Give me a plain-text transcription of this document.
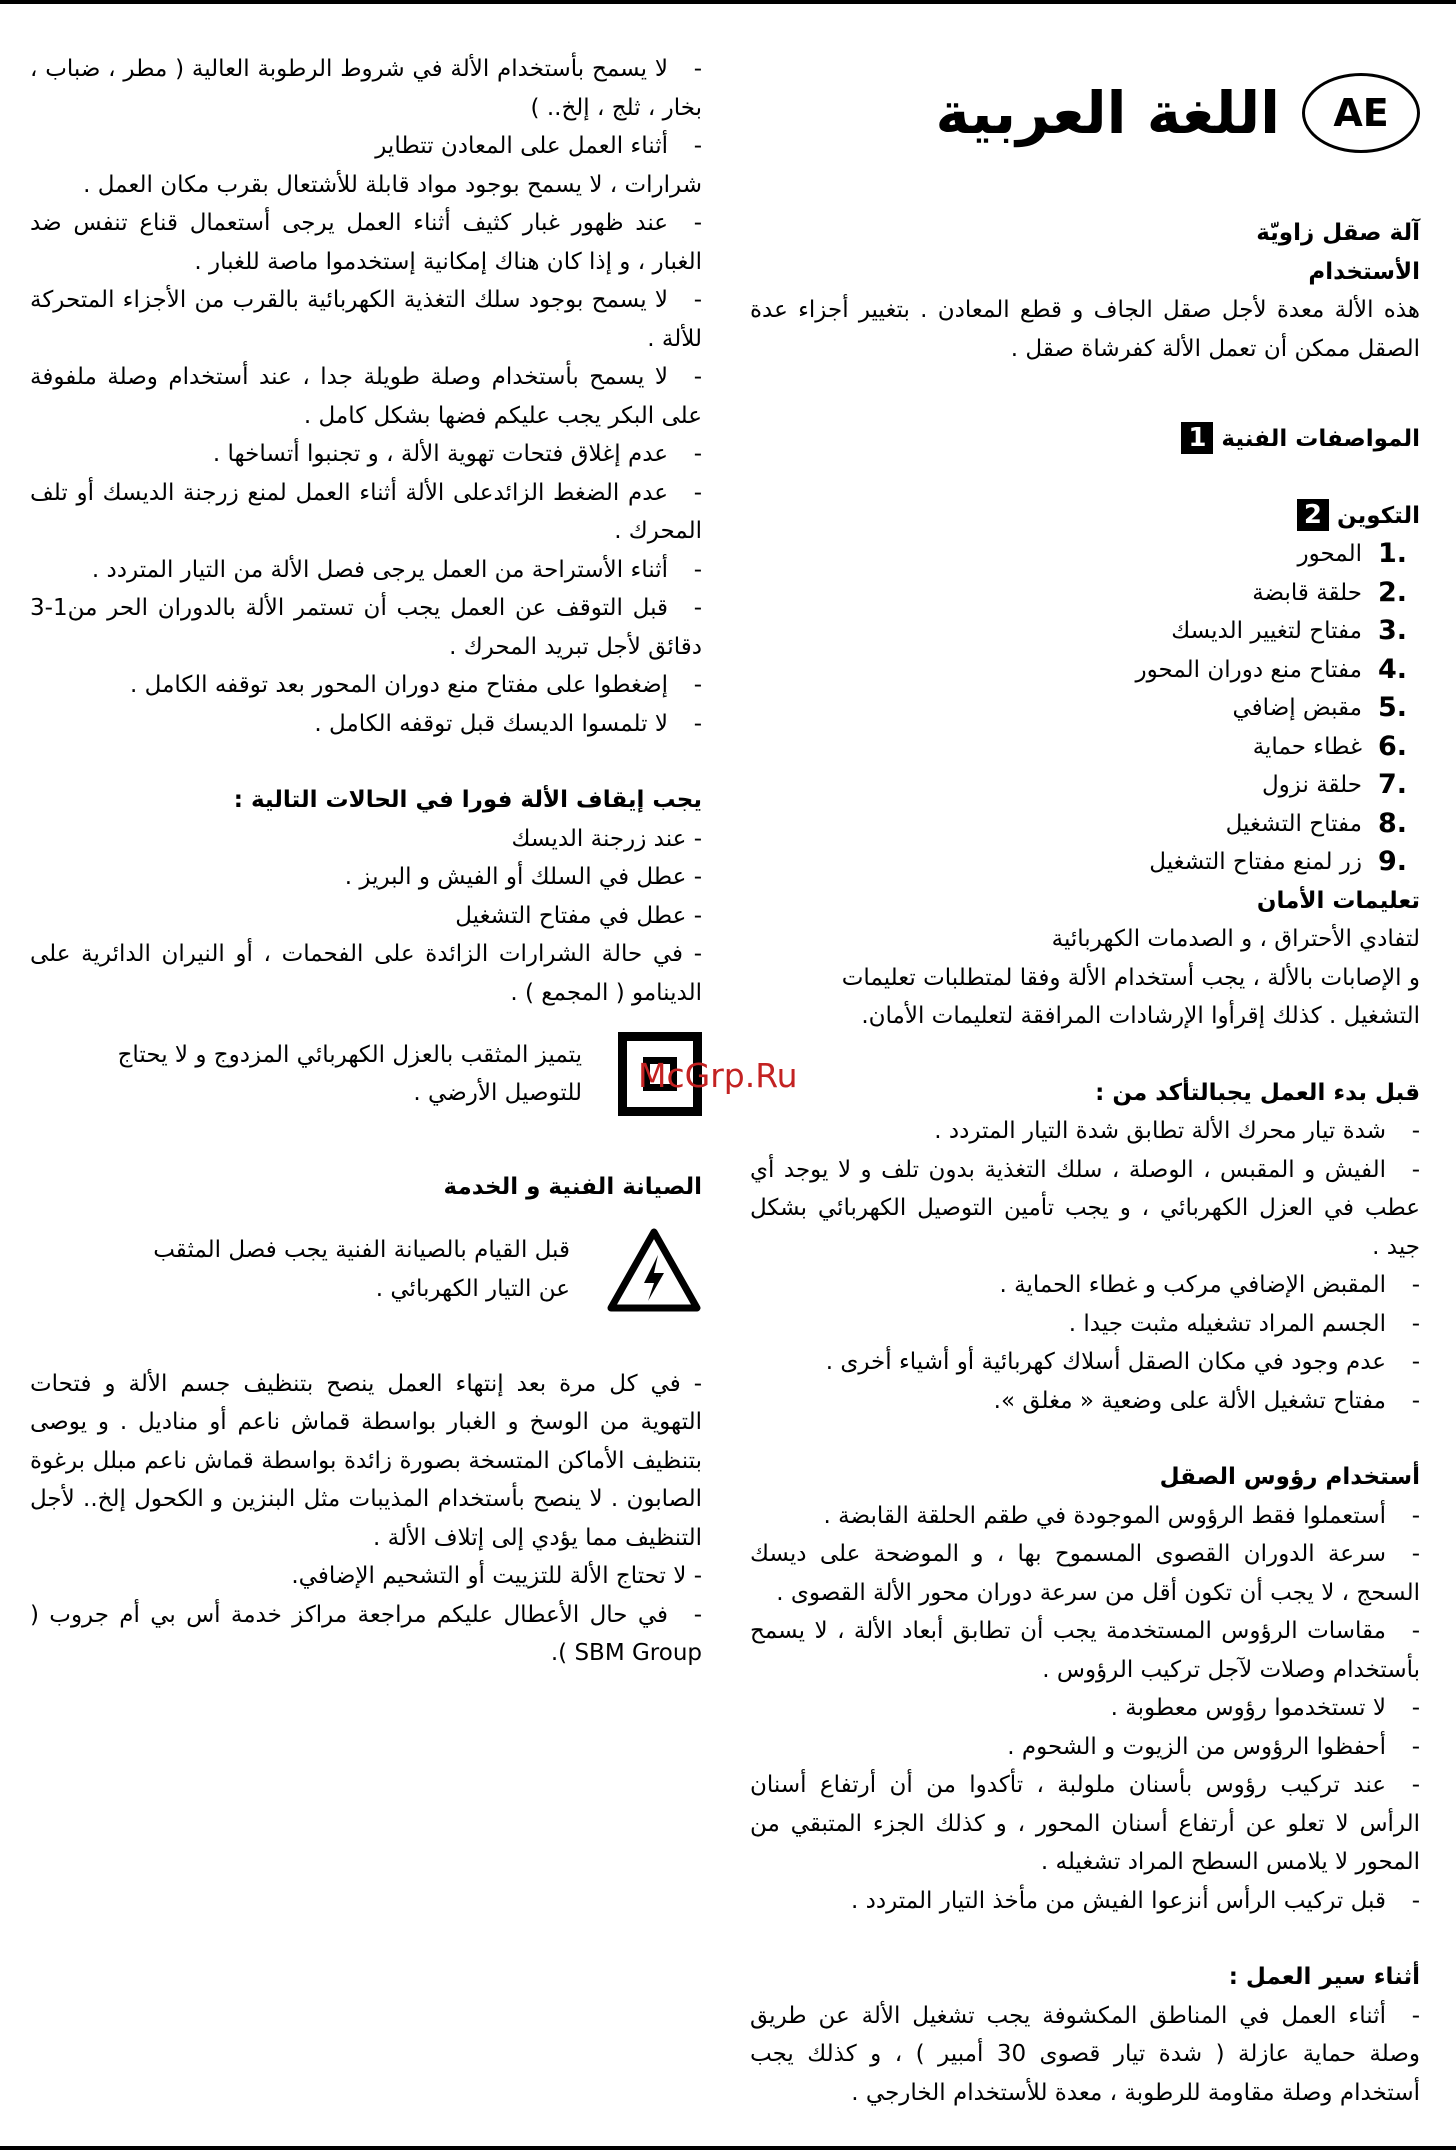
AE
اللغة العربية

آلة صقل زاويّة

الأستخدام

هذه الألة معدة لأجل صقل الجاف و قطع المعادن . بتغيير أجزاء عدة الصقل ممكن أن تعمل الألة كفرشاة صقل .

المواصفات الفنية1

التكوين2

1.
المحور
2.
حلقة قابضة
3.
مفتاح لتغيير الديسك
4.
مفتاح منع دوران المحور
5.
مقبض إضافي
6.
غطاء حماية
7.
حلقة نزول
8.
مفتاح التشغيل
9.
زر لمنع مفتاح التشغيل

تعليمات الأمان

لتفادي الأحتراق ، و الصدمات الكهربائية

و الإصابات بالألة ، يجب أستخدام الألة وفقا لمتطلبات تعليمات

التشغيل . كذلك إقرأوا الإرشادات المرافقة لتعليمات الأمان.

قبل بدء العمل يجبالتأكد من :

-شدة تيار محرك الألة تطابق شدة التيار المتردد .

-الفيش و المقبس ، الوصلة ، سلك التغذية بدون تلف و لا يوجد أي عطب في العزل الكهربائي ، و يجب تأمين التوصيل الكهربائي بشكل جيد .

-المقبض الإضافي مركب و غطاء الحماية .

-الجسم المراد تشغيله مثبت جيدا .

-عدم وجود في مكان الصقل أسلاك كهربائية أو أشياء أخرى .

-مفتاح تشغيل الألة على وضعية « مغلق ».

أستخدام رؤوس الصقل

-أستعملوا فقط الرؤوس الموجودة في طقم الحلقة القابضة .

-سرعة الدوران القصوى المسموح بها ، و الموضحة على ديسك السحج ، لا يجب أن تكون أقل من سرعة دوران محور الألة القصوى .

-مقاسات الرؤوس المستخدمة يجب أن تطابق أبعاد الألة ، لا يسمح بأستخدام وصلات لآجل تركيب الرؤوس .

-لا تستخدموا رؤوس معطوبة .

-أحفظوا الرؤوس من الزيوت و الشحوم .

-عند تركيب رؤوس بأسنان ملولبة ، تأكدوا من أن أرتفاع أسنان الرأس لا تعلو عن أرتفاع أسنان المحور ، و كذلك الجزء المتبقي من المحور لا يلامس السطح المراد تشغيله .

-قبل تركيب الرأس أنزعوا الفيش من مأخذ التيار المتردد .

أثناء سير العمل :

-أثناء العمل في المناطق المكشوفة يجب تشغيل الألة عن طريق وصلة حماية عازلة ( شدة تيار قصوى 30 أمبير ) ، و كذلك يجب أستخدام وصلة مقاومة للرطوبة ، معدة للأستخدام الخارجي .

-لا يسمح بأستخدام الألة في شروط الرطوبة العالية ( مطر ، ضباب ، بخار ، ثلج ، إلخ.. )

-أثناء العمل على المعادن تتطاير

شرارات ، لا يسمح بوجود مواد قابلة للأشتعال بقرب مكان العمل .

-عند ظهور غبار كثيف أثناء العمل يرجى أستعمال قناع تنفس ضد الغبار ، و إذا كان هناك إمكانية إستخدموا ماصة للغبار .

-لا يسمح بوجود سلك التغذية الكهربائية بالقرب من الأجزاء المتحركة للألة .

-لا يسمح بأستخدام وصلة طويلة جدا ، عند أستخدام وصلة ملفوفة على البكر يجب عليكم فضها بشكل كامل .

-عدم إغلاق فتحات تهوية الألة ، و تجنبوا أتساخها .

-عدم الضغط الزائدعلى الألة أثناء العمل لمنع زرجنة الديسك أو تلف المحرك .

-أثناء الأستراحة من العمل يرجى فصل الألة من التيار المتردد .

-قبل التوقف عن العمل يجب أن تستمر الألة بالدوران الحر من1-3 دقائق لأجل تبريد المحرك .

-إضغطوا على مفتاح منع دوران المحور بعد توقفه الكامل .

-لا تلمسوا الديسك قبل توقفه الكامل .

يجب إيقاف الألة فورا في الحالات التالية :

- عند زرجنة الديسك

- عطل في السلك أو الفيش و البريز .

- عطل في مفتاح التشغيل

- في حالة الشرارات الزائدة على الفحمات ، أو النيران الدائرية على الدينامو ( المجمع ) .

يتميز المثقب بالعزل الكهربائي المزدوج و لا يحتاج للتوصيل الأرضي .

الصيانة الفنية و الخدمة

قبل القيام بالصيانة الفنية يجب فصل المثقب عن التيار الكهربائي .

- في كل مرة بعد إنتهاء العمل ينصح بتنظيف جسم الألة و فتحات التهوية من الوسخ و الغبار بواسطة قماش ناعم أو مناديل . و يوصى بتنظيف الأماكن المتسخة بصورة زائدة بواسطة قماش ناعم مبلل برغوة الصابون . لا ينصح بأستخدام المذيبات مثل البنزين و الكحول إلخ.. لأجل التنظيف مما يؤدي إلى إتلاف الألة .

- لا تحتاج الألة للتزييت أو التشحيم الإضافي.

-في حال الأعطال عليكم مراجعة مراكز خدمة أس بي أم جروب ( SBM Group ).

McGrp.Ru
